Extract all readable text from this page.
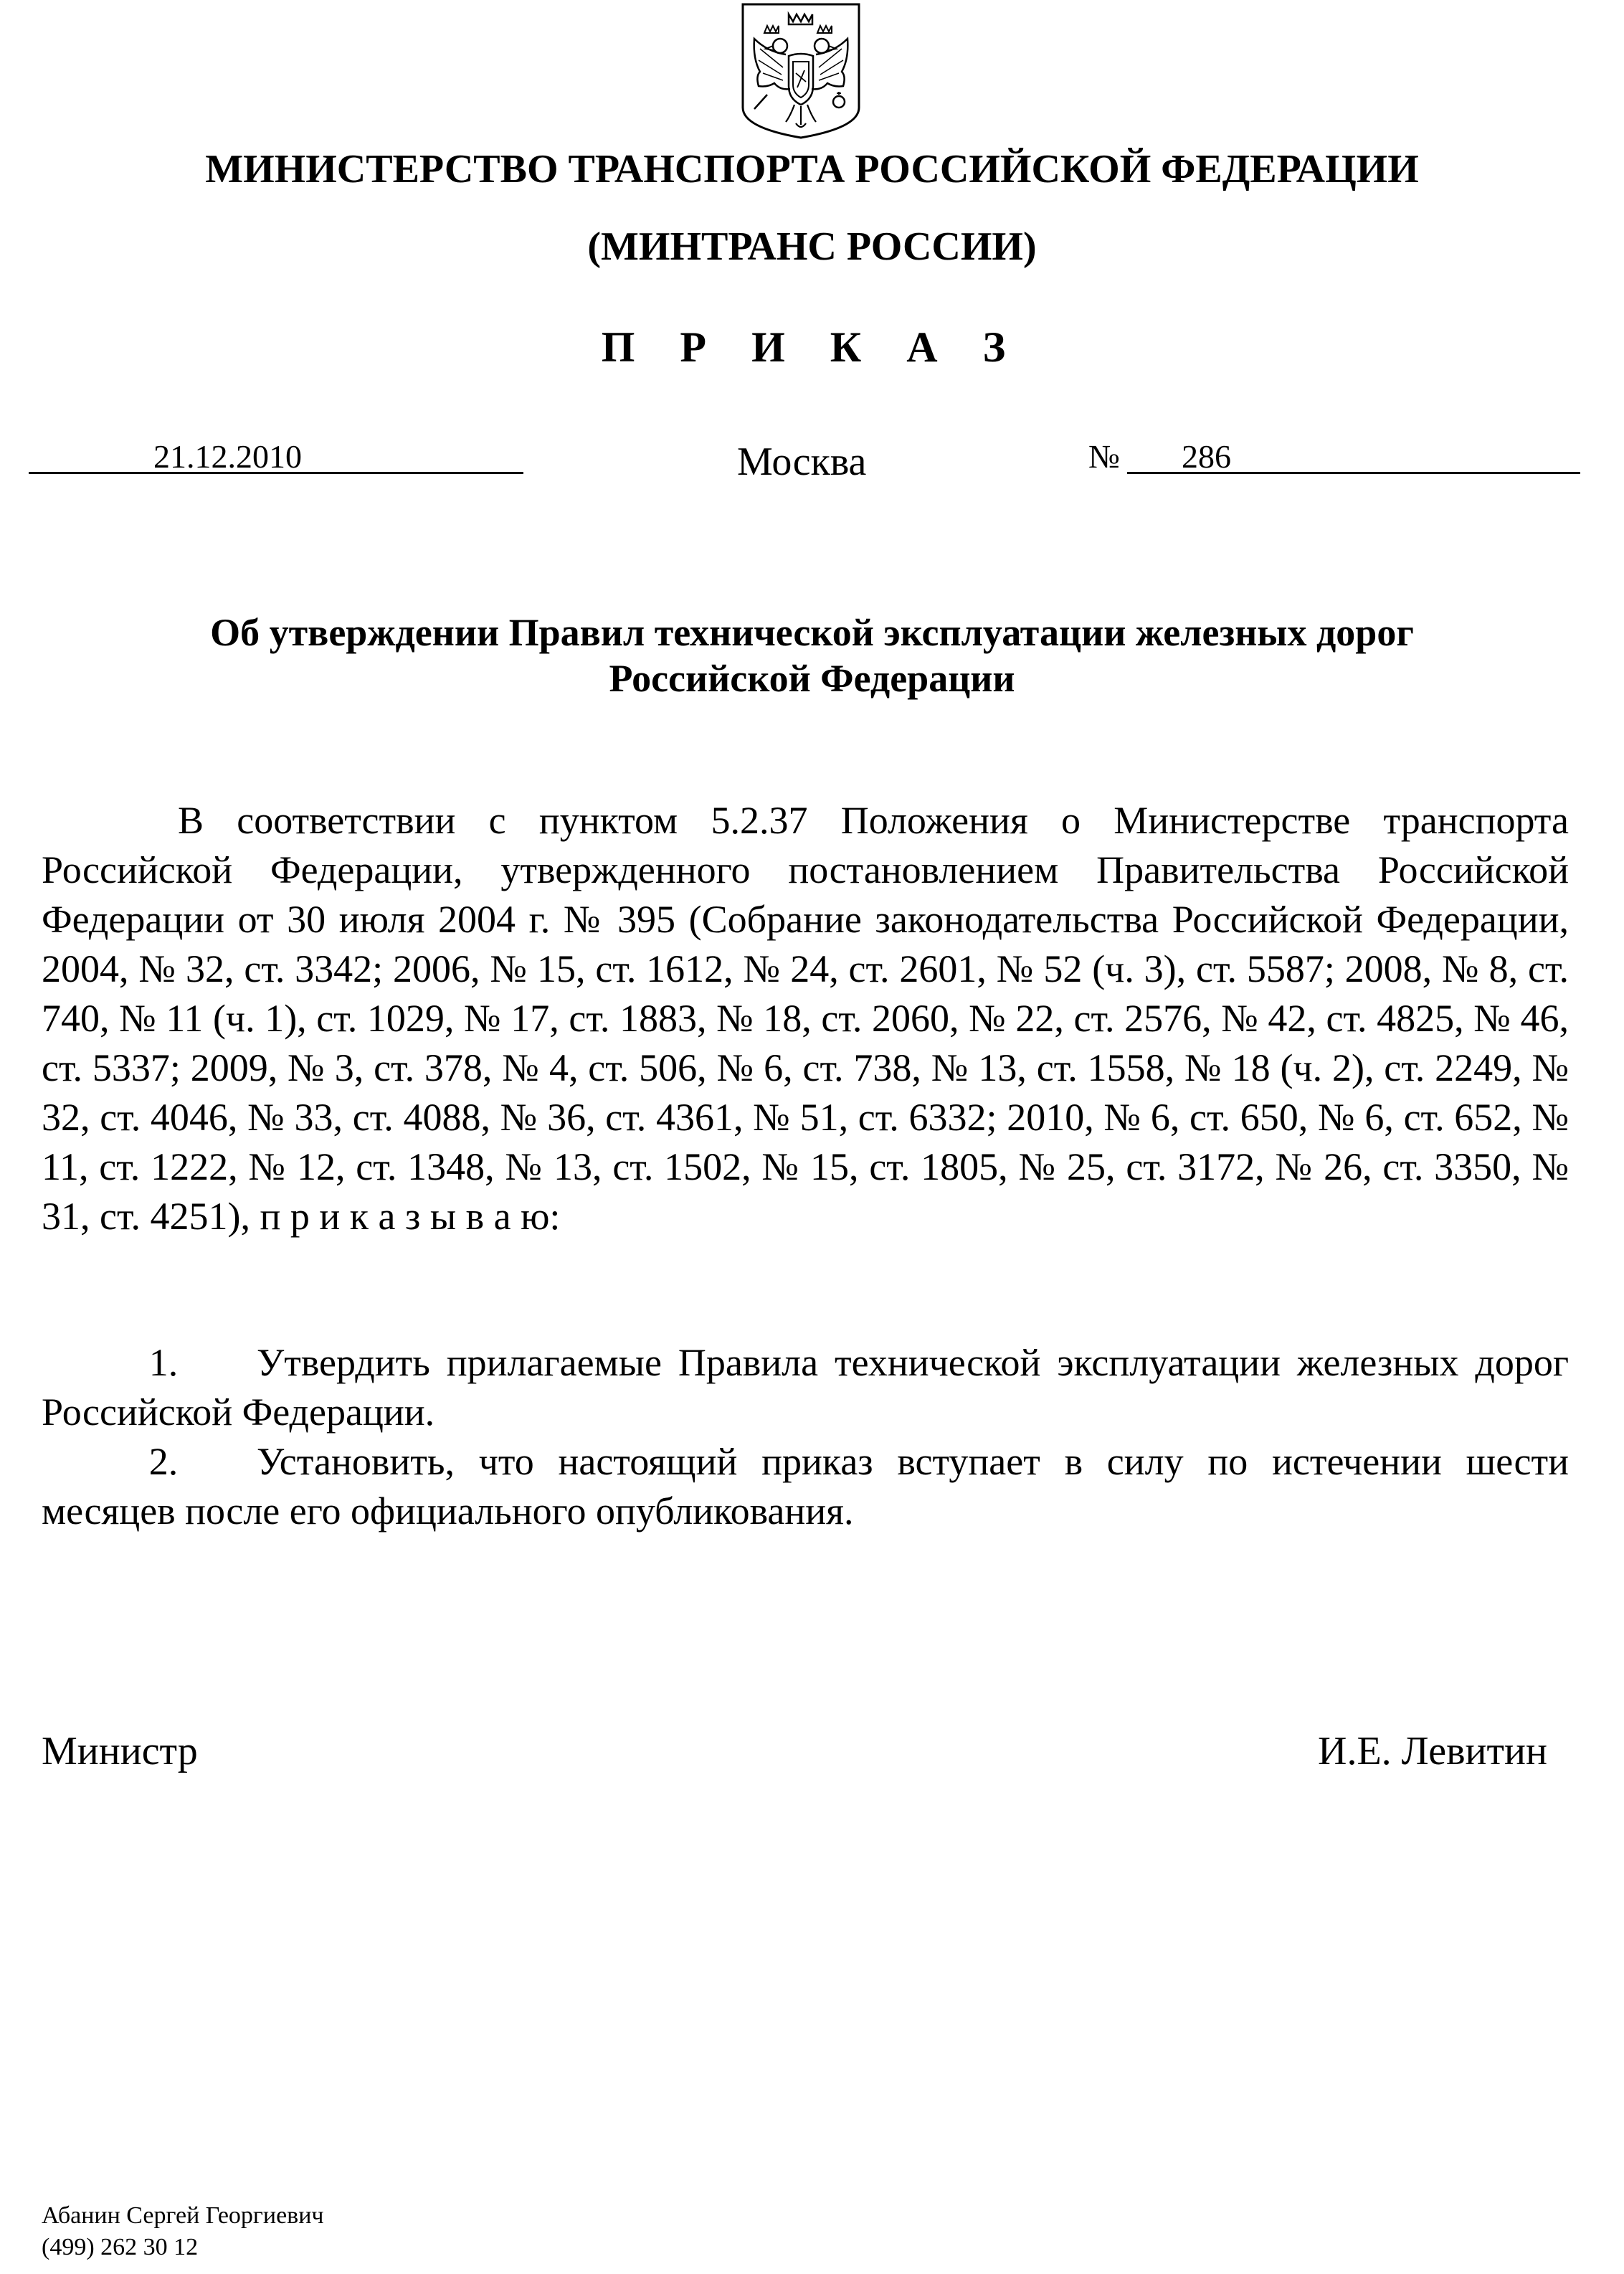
МИНИСТЕРСТВО ТРАНСПОРТА РОССИЙСКОЙ ФЕДЕРАЦИИ
(МИНТРАНС РОССИИ)
П Р И К А З
21.12.2010	Москва	№ 286
Об утверждении Правил технической эксплуатации железных дорог
Российской Федерации
В соответствии с пунктом 5.2.37 Положения о Министерстве транспорта Российской Федерации, утвержденного постановлением Правительства Российской Федерации от 30 июля 2004 г. № 395 (Собрание законодательства Российской Федерации, 2004, № 32, ст. 3342; 2006, № 15, ст. 1612, № 24, ст. 2601, № 52 (ч. 3), ст. 5587; 2008, № 8, ст. 740, № 11 (ч. 1), ст. 1029, № 17, ст. 1883, № 18, ст. 2060, № 22, ст. 2576, № 42, ст. 4825, № 46, ст. 5337; 2009, № 3, ст. 378, № 4, ст. 506, № 6, ст. 738, № 13, ст. 1558, № 18 (ч. 2), ст. 2249, № 32, ст. 4046, № 33, ст. 4088, № 36, ст. 4361, № 51, ст. 6332; 2010, № 6, ст. 650, № 6, ст. 652, № 11, ст. 1222, № 12, ст. 1348, № 13, ст. 1502, № 15, ст. 1805, № 25, ст. 3172, № 26, ст. 3350, № 31, ст. 4251), п р и к а з ы в а ю:
1. Утвердить прилагаемые Правила технической эксплуатации железных дорог Российской Федерации.
2. Установить, что настоящий приказ вступает в силу по истечении шести месяцев после его официального опубликования.
Министр	И.Е. Левитин
Абанин Сергей Георгиевич
(499) 262 30 12
